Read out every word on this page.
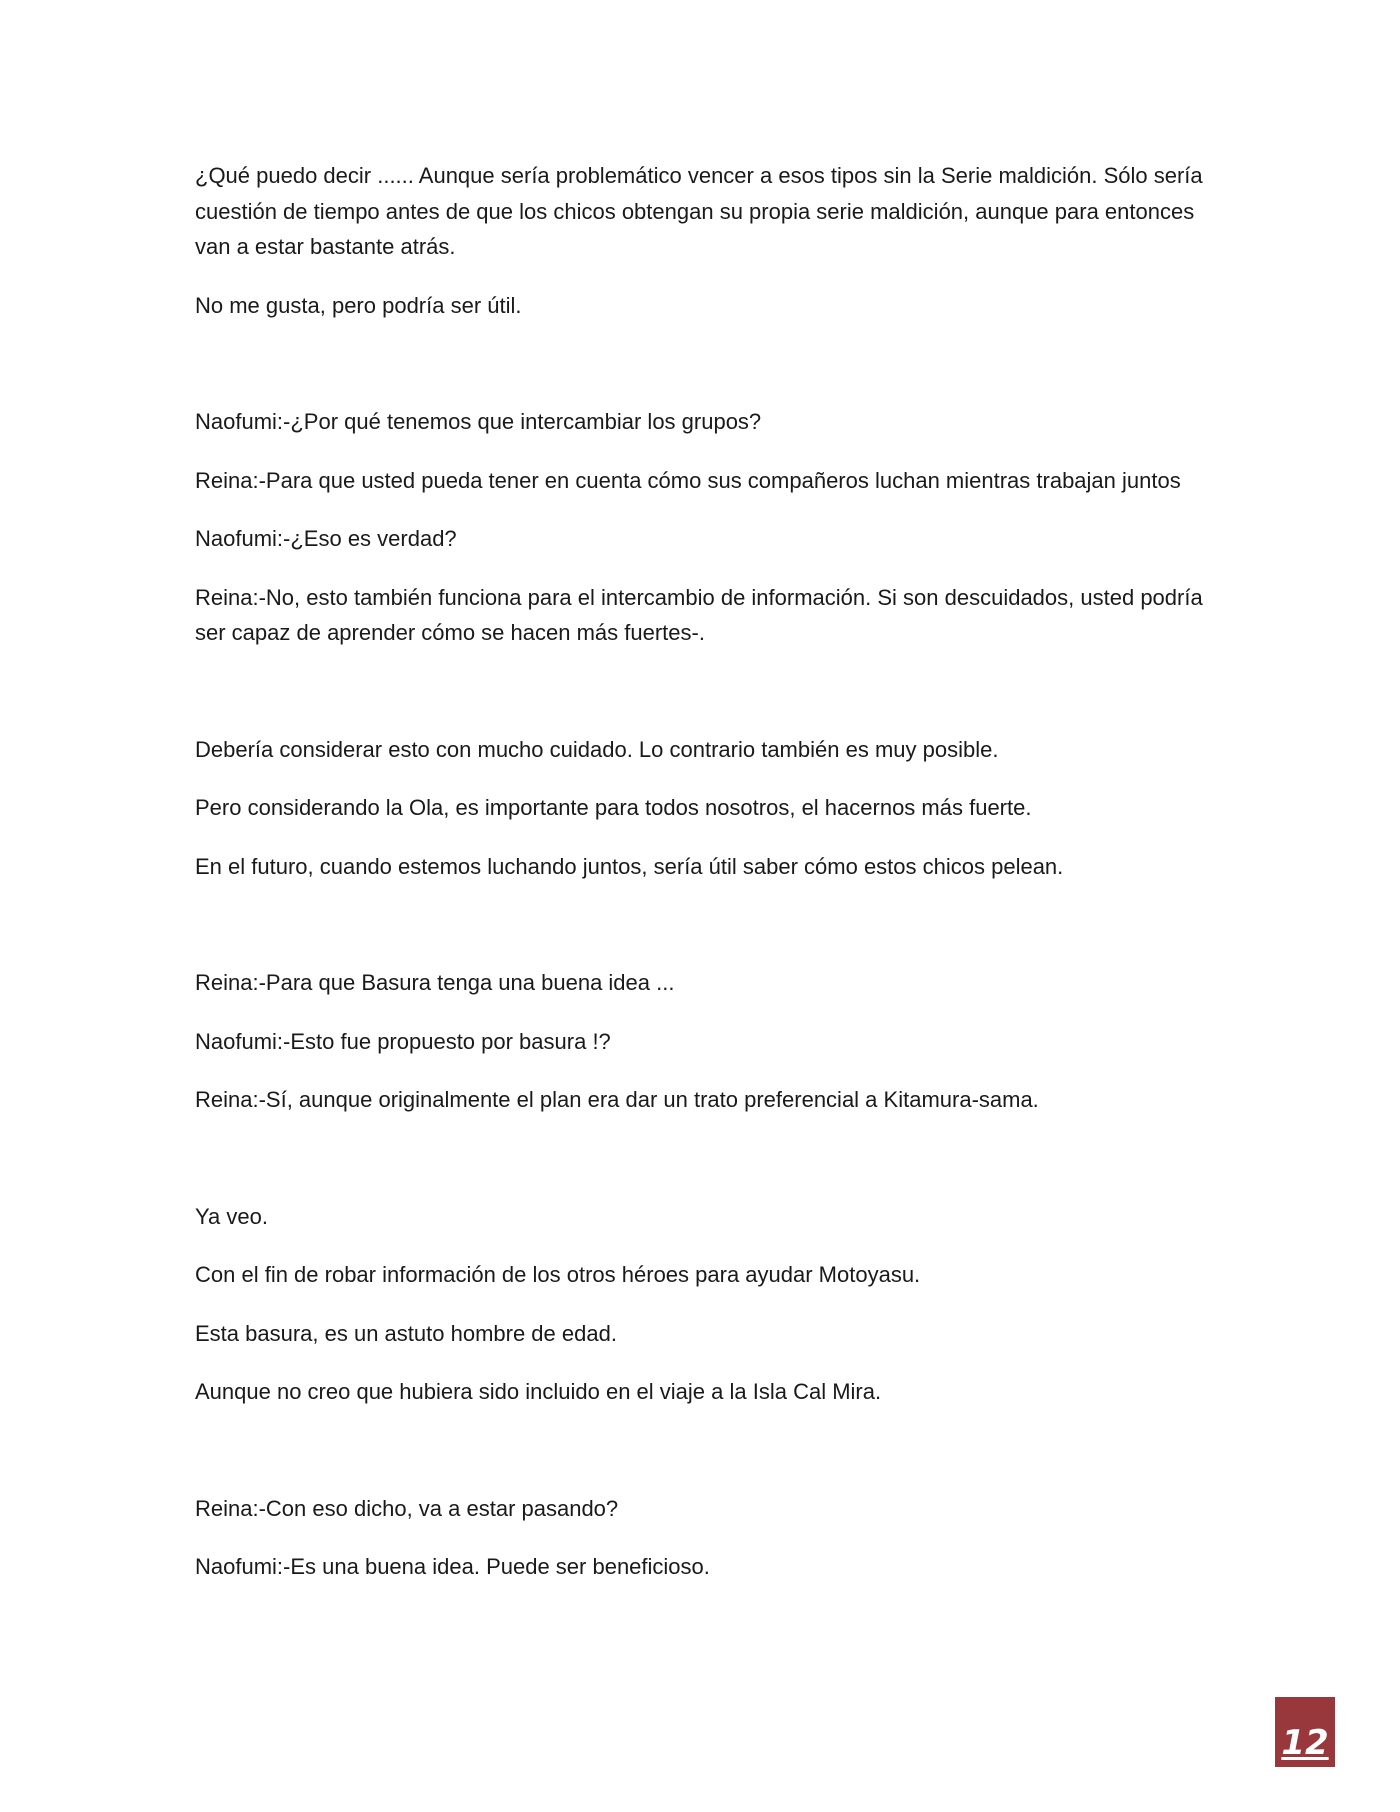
¿Qué puedo decir ...... Aunque sería problemático vencer a esos tipos sin la Serie maldición. Sólo sería cuestión de tiempo antes de que los chicos obtengan su propia serie maldición, aunque para entonces van a estar bastante atrás.

No me gusta, pero podría ser útil.

Naofumi:-¿Por qué tenemos que intercambiar los grupos?

Reina:-Para que usted pueda tener en cuenta cómo sus compañeros luchan mientras trabajan juntos

Naofumi:-¿Eso es verdad?

Reina:-No, esto también funciona para el intercambio de información. Si son descuidados, usted podría ser capaz de aprender cómo se hacen más fuertes-.

Debería considerar esto con mucho cuidado. Lo contrario también es muy posible.

Pero considerando la Ola, es importante para todos nosotros, el hacernos más fuerte.

En el futuro, cuando estemos luchando juntos, sería útil saber cómo estos chicos pelean.

Reina:-Para que Basura tenga una buena idea ...

Naofumi:-Esto fue propuesto por basura !?

Reina:-Sí, aunque originalmente el plan era dar un trato preferencial a Kitamura-sama.

Ya veo.

Con el fin de robar información de los otros héroes para ayudar Motoyasu.

Esta basura, es un astuto hombre de edad.

Aunque no creo que hubiera sido incluido en el viaje a la Isla Cal Mira.

Reina:-Con eso dicho, va a estar pasando?

Naofumi:-Es una buena idea. Puede ser beneficioso.

12
